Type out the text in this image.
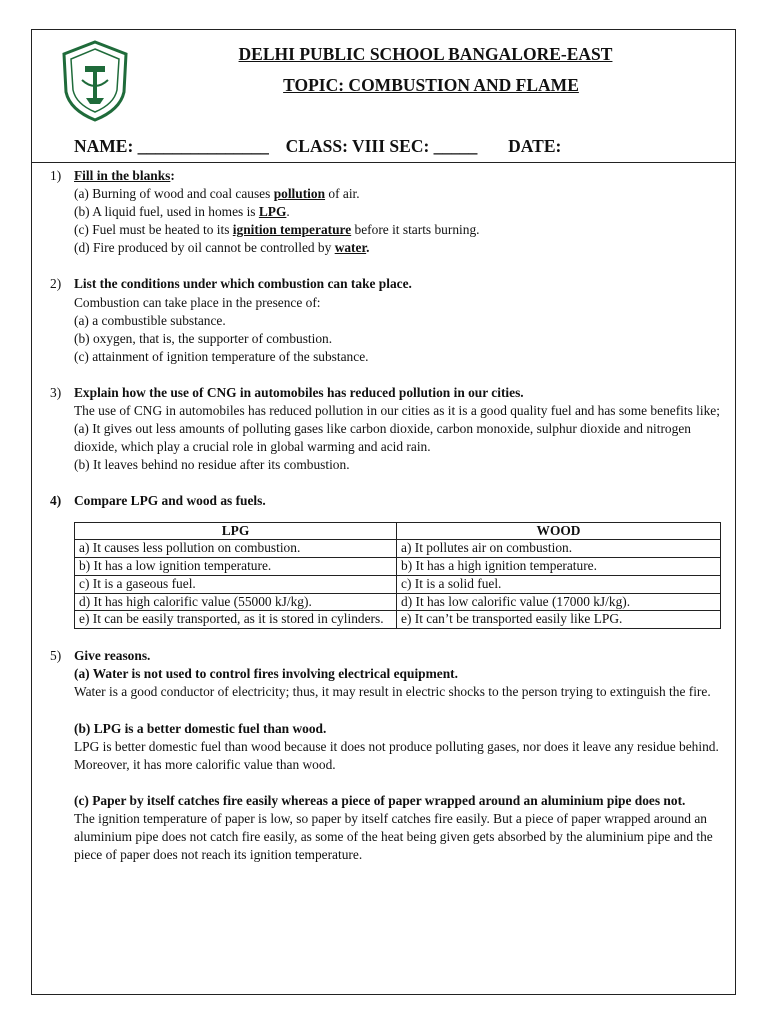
DELHI PUBLIC SCHOOL BANGALORE-EAST
TOPIC: COMBUSTION AND FLAME
NAME: _______________ CLASS: VIII SEC: _____ DATE:
1) Fill in the blanks:
(a) Burning of wood and coal causes pollution of air.
(b) A liquid fuel, used in homes is LPG.
(c) Fuel must be heated to its ignition temperature before it starts burning.
(d) Fire produced by oil cannot be controlled by water.
2) List the conditions under which combustion can take place.
Combustion can take place in the presence of:
(a) a combustible substance.
(b) oxygen, that is, the supporter of combustion.
(c) attainment of ignition temperature of the substance.
3) Explain how the use of CNG in automobiles has reduced pollution in our cities.
The use of CNG in automobiles has reduced pollution in our cities as it is a good quality fuel and has some benefits like;
(a) It gives out less amounts of polluting gases like carbon dioxide, carbon monoxide, sulphur dioxide and nitrogen dioxide, which play a crucial role in global warming and acid rain.
(b) It leaves behind no residue after its combustion.
4) Compare LPG and wood as fuels.
LPG	WOOD
a) It causes less pollution on combustion.	a) It pollutes air on combustion.
b) It has a low ignition temperature.	b) It has a high ignition temperature.
c) It is a gaseous fuel.	c) It is a solid fuel.
d) It has high calorific value (55000 kJ/kg).	d) It has low calorific value (17000 kJ/kg).
e) It can be easily transported, as it is stored in cylinders.	e) It can’t be transported easily like LPG.
5) Give reasons.
(a) Water is not used to control fires involving electrical equipment.
Water is a good conductor of electricity; thus, it may result in electric shocks to the person trying to extinguish the fire.
(b) LPG is a better domestic fuel than wood.
LPG is better domestic fuel than wood because it does not produce polluting gases, nor does it leave any residue behind. Moreover, it has more calorific value than wood.
(c) Paper by itself catches fire easily whereas a piece of paper wrapped around an aluminium pipe does not.
The ignition temperature of paper is low, so paper by itself catches fire easily. But a piece of paper wrapped around an aluminium pipe does not catch fire easily, as some of the heat being given gets absorbed by the aluminium pipe and the piece of paper does not reach its ignition temperature.
